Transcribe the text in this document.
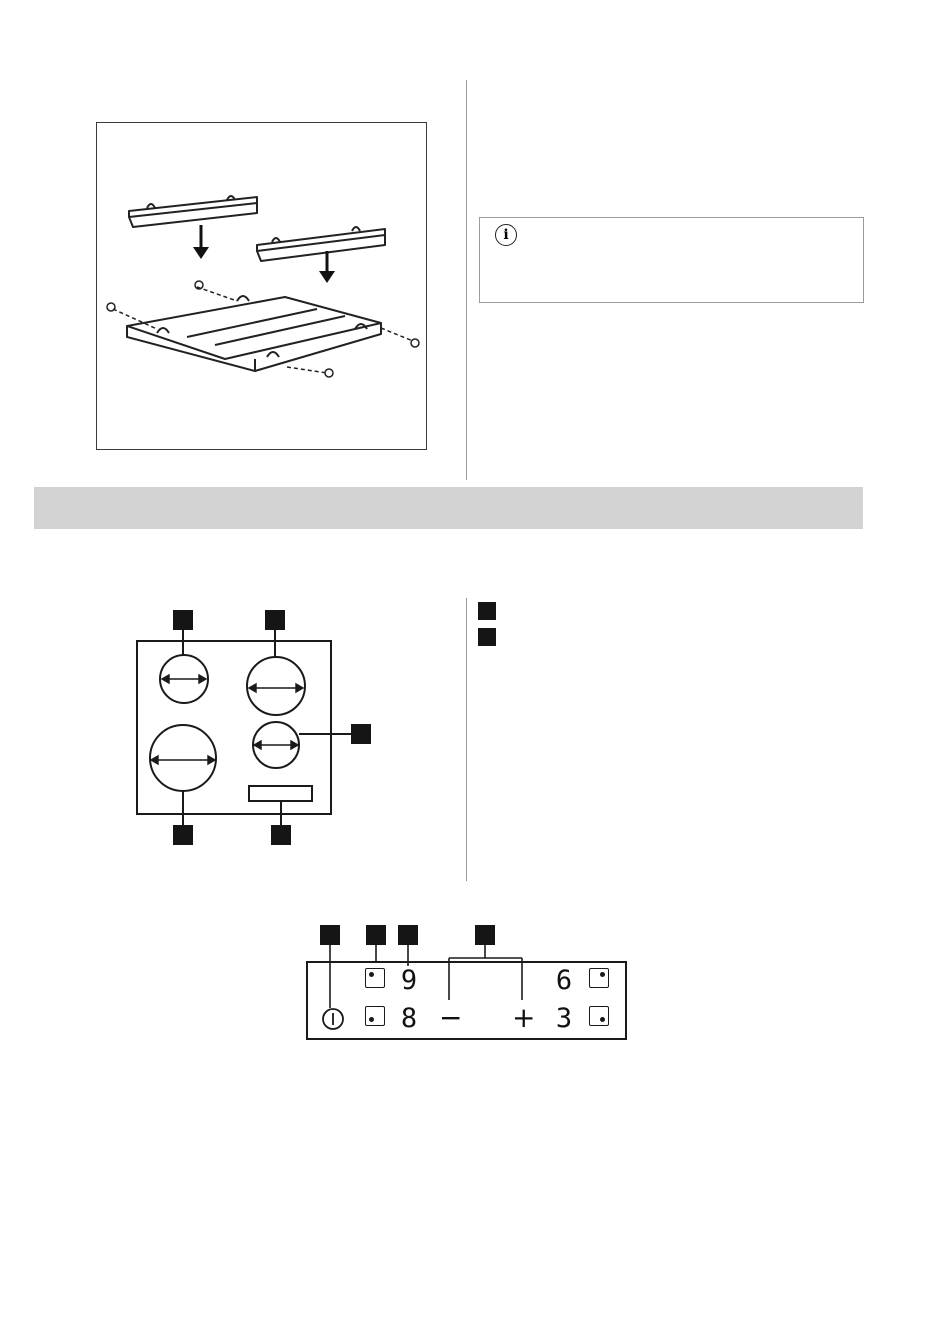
i
9
8
6
3
− +
